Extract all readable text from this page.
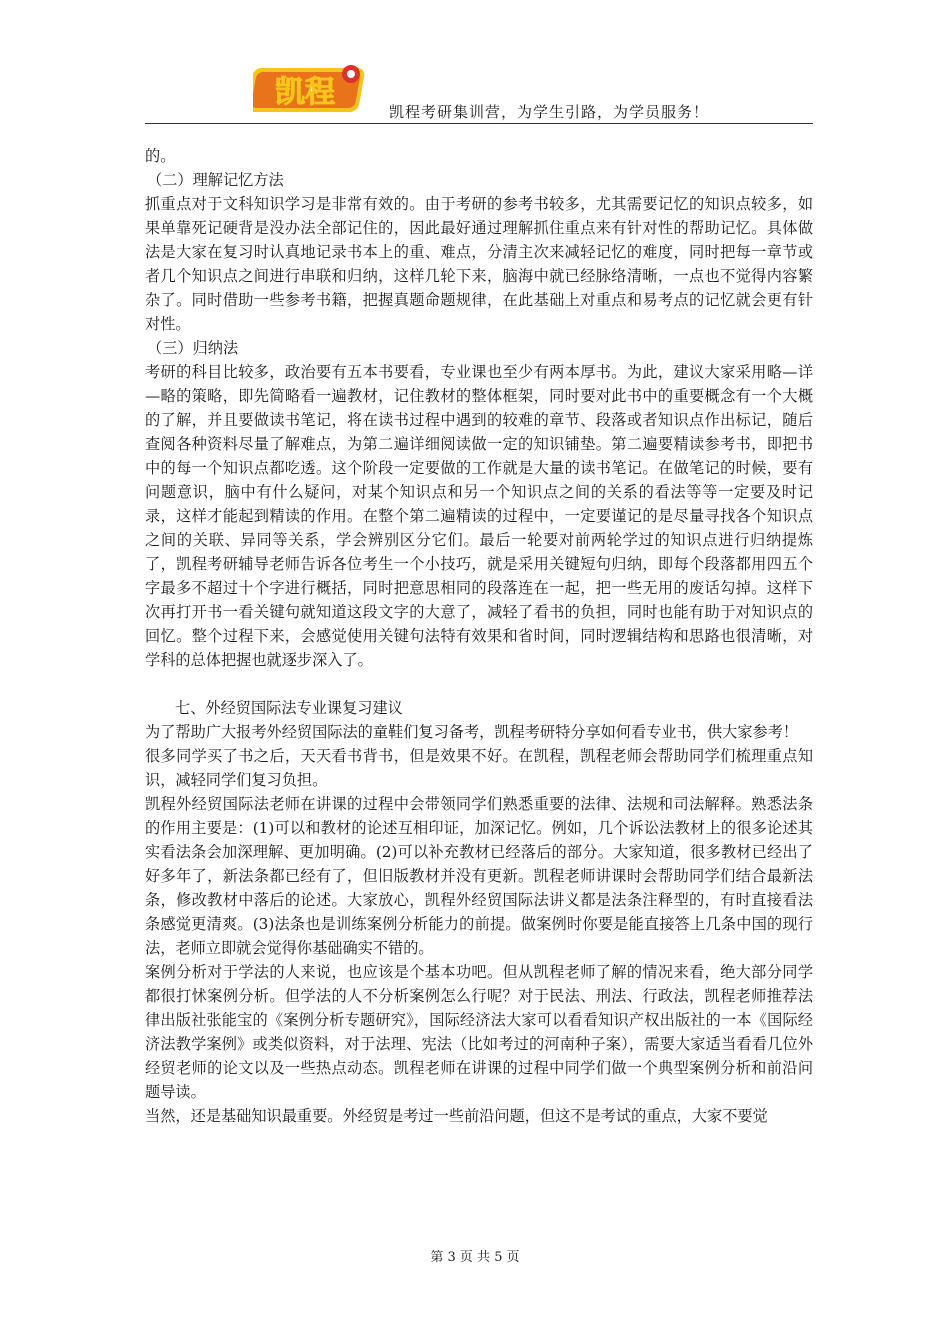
凯程
凯程考研集训营，为学生引路，为学员服务！

的。

（二）理解记忆方法

抓重点对于文科知识学习是非常有效的。由于考研的参考书较多，尤其需要记忆的知识点较多，如果单靠死记硬背是没办法全部记住的，因此最好通过理解抓住重点来有针对性的帮助记忆。具体做法是大家在复习时认真地记录书本上的重、难点，分清主次来减轻记忆的难度，同时把每一章节或者几个知识点之间进行串联和归纳，这样几轮下来，脑海中就已经脉络清晰，一点也不觉得内容繁杂了。同时借助一些参考书籍，把握真题命题规律，在此基础上对重点和易考点的记忆就会更有针对性。

（三）归纳法

考研的科目比较多，政治要有五本书要看，专业课也至少有两本厚书。为此，建议大家采用略—详—略的策略，即先简略看一遍教材，记住教材的整体框架，同时要对此书中的重要概念有一个大概的了解，并且要做读书笔记，将在读书过程中遇到的较难的章节、段落或者知识点作出标记，随后查阅各种资料尽量了解难点，为第二遍详细阅读做一定的知识铺垫。第二遍要精读参考书，即把书中的每一个知识点都吃透。这个阶段一定要做的工作就是大量的读书笔记。在做笔记的时候，要有问题意识，脑中有什么疑问，对某个知识点和另一个知识点之间的关系的看法等等一定要及时记录，这样才能起到精读的作用。在整个第二遍精读的过程中，一定要谨记的是尽量寻找各个知识点之间的关联、异同等关系，学会辨别区分它们。最后一轮要对前两轮学过的知识点进行归纳提炼了，凯程考研辅导老师告诉各位考生一个小技巧，就是采用关键短句归纳，即每个段落都用四五个字最多不超过十个字进行概括，同时把意思相同的段落连在一起，把一些无用的废话勾掉。这样下次再打开书一看关键句就知道这段文字的大意了，减轻了看书的负担，同时也能有助于对知识点的回忆。整个过程下来，会感觉使用关键句法特有效果和省时间，同时逻辑结构和思路也很清晰，对学科的总体把握也就逐步深入了。

七、外经贸国际法专业课复习建议

为了帮助广大报考外经贸国际法的童鞋们复习备考，凯程考研特分享如何看专业书，供大家参考！

很多同学买了书之后，天天看书背书，但是效果不好。在凯程，凯程老师会帮助同学们梳理重点知识，减轻同学们复习负担。

凯程外经贸国际法老师在讲课的过程中会带领同学们熟悉重要的法律、法规和司法解释。熟悉法条的作用主要是：(1)可以和教材的论述互相印证，加深记忆。例如，几个诉讼法教材上的很多论述其实看法条会加深理解、更加明确。(2)可以补充教材已经落后的部分。大家知道，很多教材已经出了好多年了，新法条都已经有了，但旧版教材并没有更新。凯程老师讲课时会帮助同学们结合最新法条，修改教材中落后的论述。大家放心，凯程外经贸国际法讲义都是法条注释型的，有时直接看法条感觉更清爽。(3)法条也是训练案例分析能力的前提。做案例时你要是能直接答上几条中国的现行法，老师立即就会觉得你基础确实不错的。

案例分析对于学法的人来说，也应该是个基本功吧。但从凯程老师了解的情况来看，绝大部分同学都很打怵案例分析。但学法的人不分析案例怎么行呢？对于民法、刑法、行政法，凯程老师推荐法律出版社张能宝的《案例分析专题研究》，国际经济法大家可以看看知识产权出版社的一本《国际经济法教学案例》或类似资料，对于法理、宪法（比如考过的河南种子案），需要大家适当看看几位外经贸老师的论文以及一些热点动态。凯程老师在讲课的过程中同学们做一个典型案例分析和前沿问题导读。

当然，还是基础知识最重要。外经贸是考过一些前沿问题，但这不是考试的重点，大家不要觉

第 3 页 共 5 页
